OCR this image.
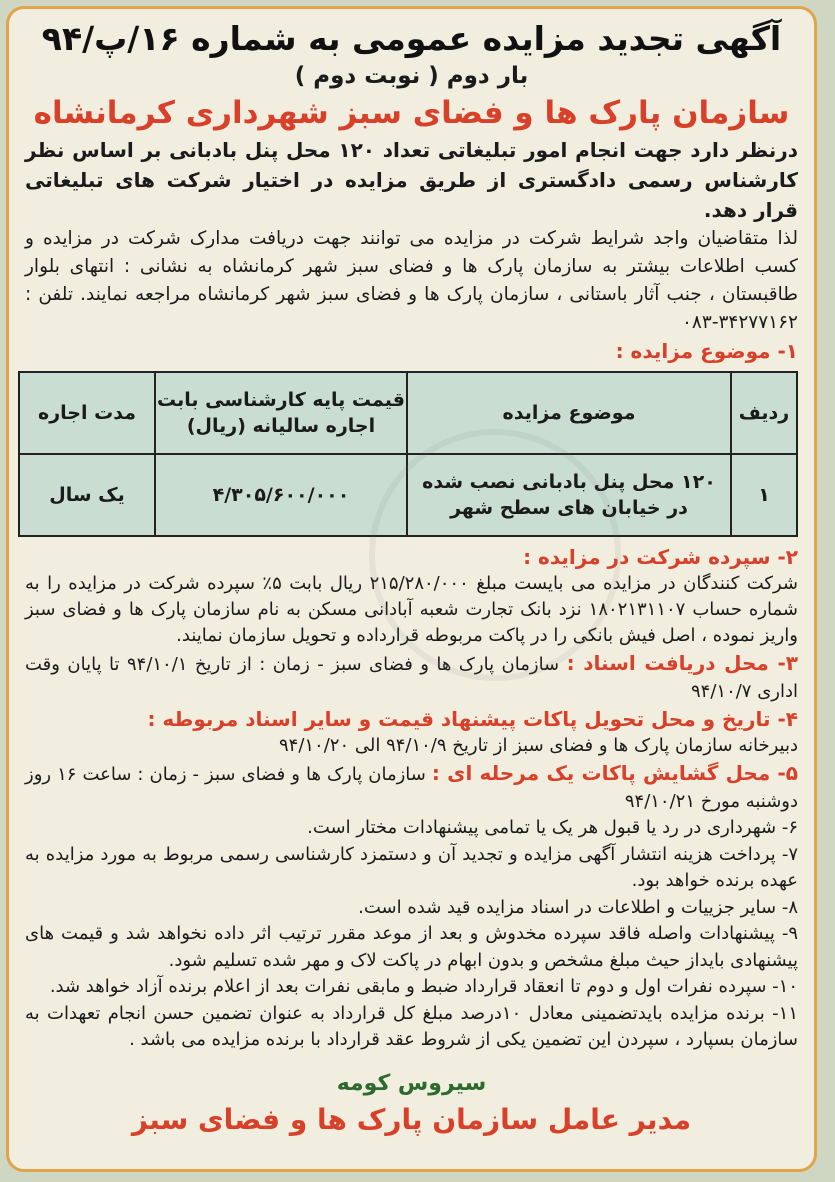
آگهی تجدید مزایده عمومی به شماره ۱۶/پ/۹۴
بار دوم ( نوبت دوم )
سازمان پارک ها و فضای سبز شهرداری کرمانشاه
درنظر دارد جهت انجام امور تبلیغاتی تعداد ۱۲۰ محل پنل بادبانی بر اساس نظر کارشناس رسمی دادگستری از طریق مزایده در اختیار شرکت های تبلیغاتی قرار دهد.
لذا متقاضیان واجد شرایط شرکت در مزایده می توانند جهت دریافت مدارک شرکت در مزایده و کسب اطلاعات بیشتر به سازمان پارک ها و فضای سبز شهر کرمانشاه به نشانی : انتهای بلوار طاقبستان ، جنب آثار باستانی ، سازمان پارک ها و فضای سبز شهر کرمانشاه مراجعه نمایند. تلفن : ۳۴۲۷۷۱۶۲-۰۸۳
۱- موضوع مزایده :
ردیف	موضوع مزایده	قیمت پایه کارشناسی بابت اجاره سالیانه (ریال)	مدت اجاره
۱	۱۲۰ محل پنل بادبانی نصب شده در خیابان های سطح شهر	۴/۳۰۵/۶۰۰/۰۰۰	یک سال
۲- سپرده شرکت در مزایده :
شرکت کنندگان در مزایده می بایست مبلغ ۲۱۵/۲۸۰/۰۰۰ ریال بابت ۵٪ سپرده شرکت در مزایده را به شماره حساب ۱۸۰۲۱۳۱۱۰۷ نزد بانک تجارت شعبه آبادانی مسکن به نام سازمان پارک ها و فضای سبز واریز نموده ، اصل فیش بانکی را در پاکت مربوطه قرارداده و تحویل سازمان نمایند.
۳- محل دریافت اسناد : سازمان پارک ها و فضای سبز - زمان : از تاریخ ۹۴/۱۰/۱ تا پایان وقت اداری ۹۴/۱۰/۷
۴- تاریخ و محل تحویل پاکات پیشنهاد قیمت و سایر اسناد مربوطه :
دبیرخانه سازمان پارک ها و فضای سبز از تاریخ ۹۴/۱۰/۹ الی ۹۴/۱۰/۲۰
۵- محل گشایش پاکات یک مرحله ای : سازمان پارک ها و فضای سبز - زمان : ساعت ۱۶ روز دوشنبه مورخ ۹۴/۱۰/۲۱
۶- شهرداری در رد یا قبول هر یک یا تمامی پیشنهادات مختار است.
۷- پرداخت هزینه انتشار آگهی مزایده و تجدید آن و دستمزد کارشناسی رسمی مربوط به مورد مزایده به عهده برنده خواهد بود.
۸- سایر جزییات و اطلاعات در اسناد مزایده قید شده است.
۹- پیشنهادات واصله فاقد سپرده مخدوش و بعد از موعد مقرر ترتیب اثر داده نخواهد شد و قیمت های پیشنهادی بایداز حیث مبلغ مشخص و بدون ابهام در پاکت لاک و مهر شده تسلیم شود.
۱۰- سپرده نفرات اول و دوم تا انعقاد قرارداد ضبط و مابقی نفرات بعد از اعلام برنده آزاد خواهد شد.
۱۱- برنده مزایده بایدتضمینی معادل ۱۰درصد مبلغ کل قرارداد به عنوان تضمین حسن انجام تعهدات به سازمان بسپارد ، سپردن این تضمین یکی از شروط عقد قرارداد با برنده مزایده می باشد .
سیروس کومه
مدیر عامل سازمان پارک ها و فضای سبز
